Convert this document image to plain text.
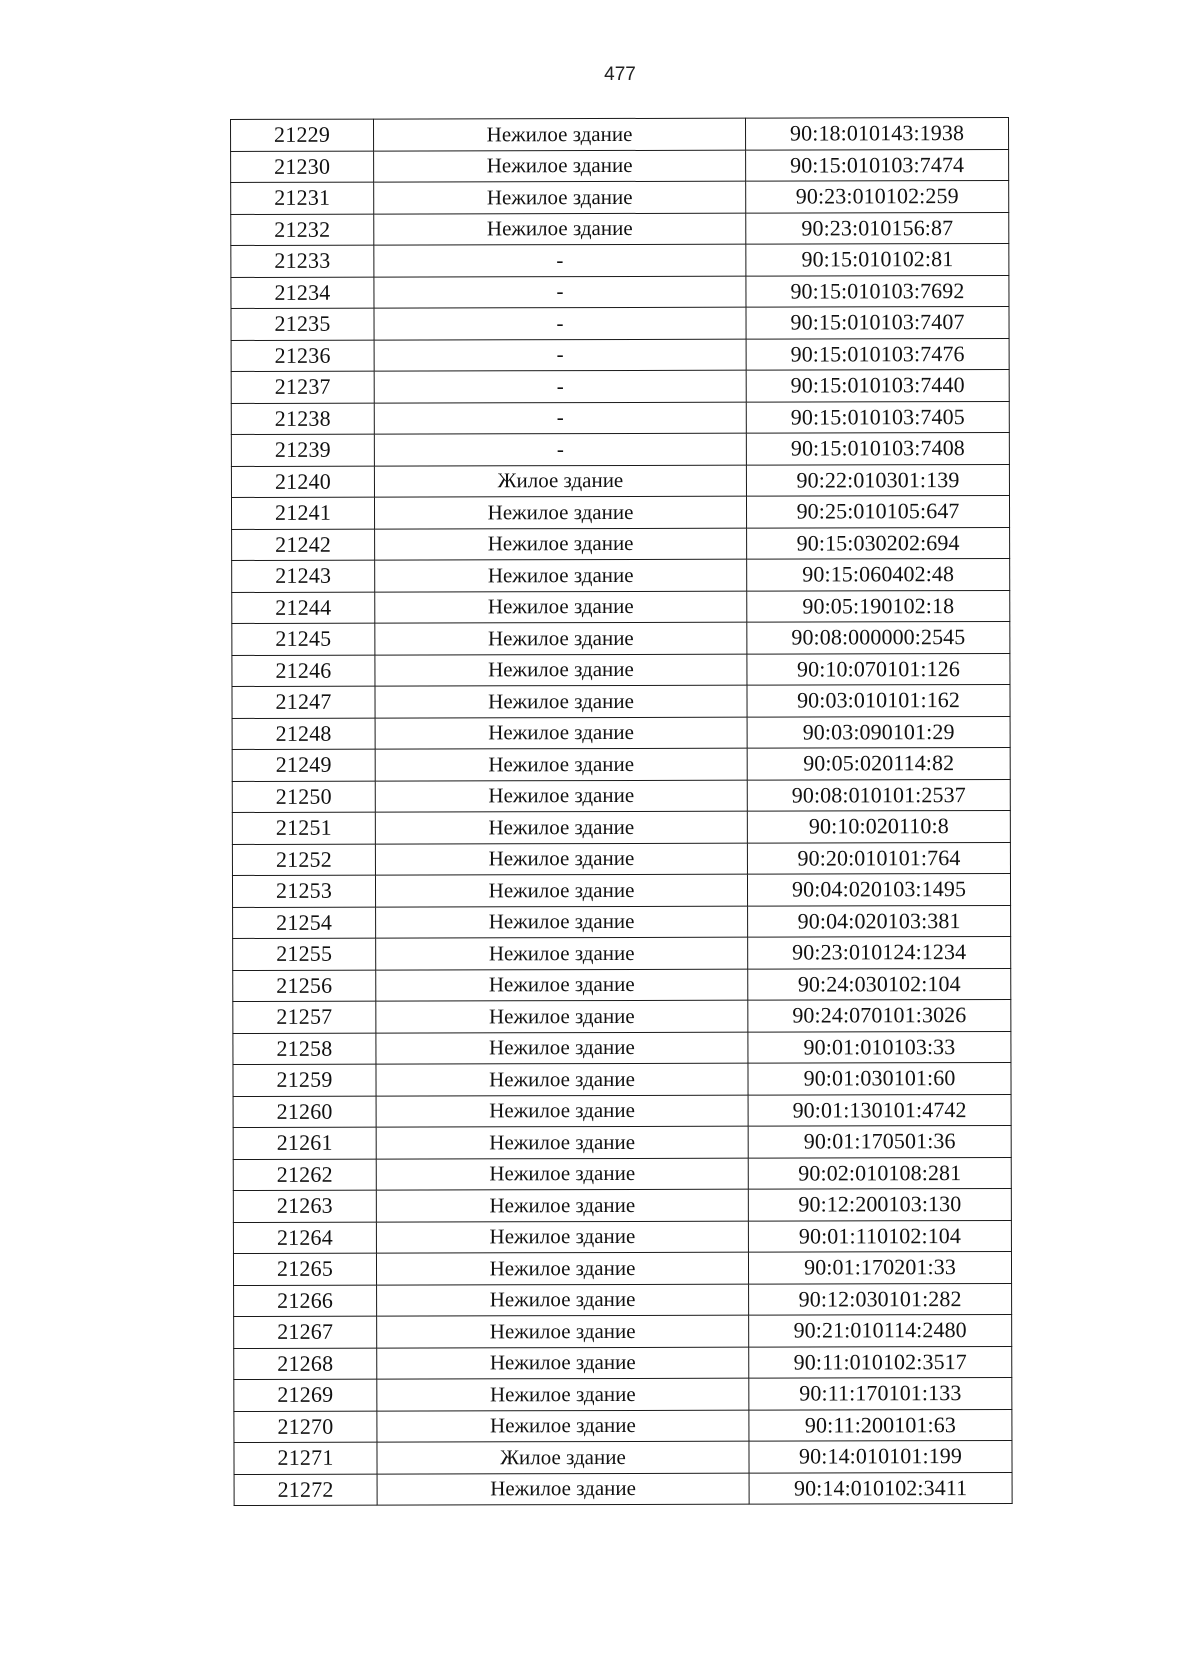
477
21229	Нежилое здание	90:18:010143:1938
21230	Нежилое здание	90:15:010103:7474
21231	Нежилое здание	90:23:010102:259
21232	Нежилое здание	90:23:010156:87
21233	-	90:15:010102:81
21234	-	90:15:010103:7692
21235	-	90:15:010103:7407
21236	-	90:15:010103:7476
21237	-	90:15:010103:7440
21238	-	90:15:010103:7405
21239	-	90:15:010103:7408
21240	Жилое здание	90:22:010301:139
21241	Нежилое здание	90:25:010105:647
21242	Нежилое здание	90:15:030202:694
21243	Нежилое здание	90:15:060402:48
21244	Нежилое здание	90:05:190102:18
21245	Нежилое здание	90:08:000000:2545
21246	Нежилое здание	90:10:070101:126
21247	Нежилое здание	90:03:010101:162
21248	Нежилое здание	90:03:090101:29
21249	Нежилое здание	90:05:020114:82
21250	Нежилое здание	90:08:010101:2537
21251	Нежилое здание	90:10:020110:8
21252	Нежилое здание	90:20:010101:764
21253	Нежилое здание	90:04:020103:1495
21254	Нежилое здание	90:04:020103:381
21255	Нежилое здание	90:23:010124:1234
21256	Нежилое здание	90:24:030102:104
21257	Нежилое здание	90:24:070101:3026
21258	Нежилое здание	90:01:010103:33
21259	Нежилое здание	90:01:030101:60
21260	Нежилое здание	90:01:130101:4742
21261	Нежилое здание	90:01:170501:36
21262	Нежилое здание	90:02:010108:281
21263	Нежилое здание	90:12:200103:130
21264	Нежилое здание	90:01:110102:104
21265	Нежилое здание	90:01:170201:33
21266	Нежилое здание	90:12:030101:282
21267	Нежилое здание	90:21:010114:2480
21268	Нежилое здание	90:11:010102:3517
21269	Нежилое здание	90:11:170101:133
21270	Нежилое здание	90:11:200101:63
21271	Жилое здание	90:14:010101:199
21272	Нежилое здание	90:14:010102:3411
